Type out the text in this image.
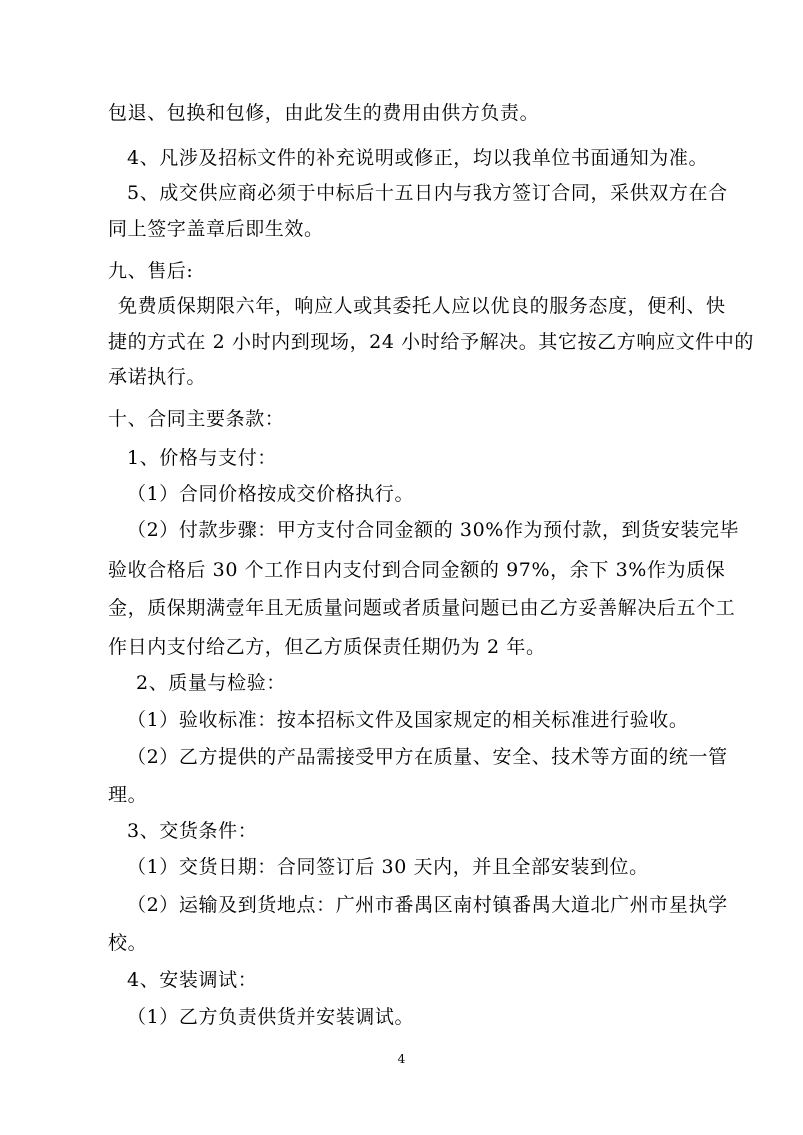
包退、包换和包修，由此发生的费用由供方负责。
4、凡涉及招标文件的补充说明或修正，均以我单位书面通知为准。
5、成交供应商必须于中标后十五日内与我方签订合同，采供双方在合
同上签字盖章后即生效。
九、售后:
免费质保期限六年，响应人或其委托人应以优良的服务态度，便利、快
捷的方式在 2 小时内到现场，24 小时给予解决。其它按乙方响应文件中的
承诺执行。
十、合同主要条款：
1、价格与支付：
（1）合同价格按成交价格执行。
（2）付款步骤：甲方支付合同金额的 30%作为预付款，到货安装完毕
验收合格后 30 个工作日内支付到合同金额的 97%，余下 3%作为质保
金，质保期满壹年且无质量问题或者质量问题已由乙方妥善解决后五个工
作日内支付给乙方，但乙方质保责任期仍为 2 年。
2、质量与检验：
（1）验收标准：按本招标文件及国家规定的相关标准进行验收。
（2）乙方提供的产品需接受甲方在质量、安全、技术等方面的统一管
理。
3、交货条件：
（1）交货日期：合同签订后 30 天内，并且全部安装到位。
（2）运输及到货地点：广州市番禺区南村镇番禺大道北广州市星执学
校。
4、安装调试：
（1）乙方负责供货并安装调试。
4
